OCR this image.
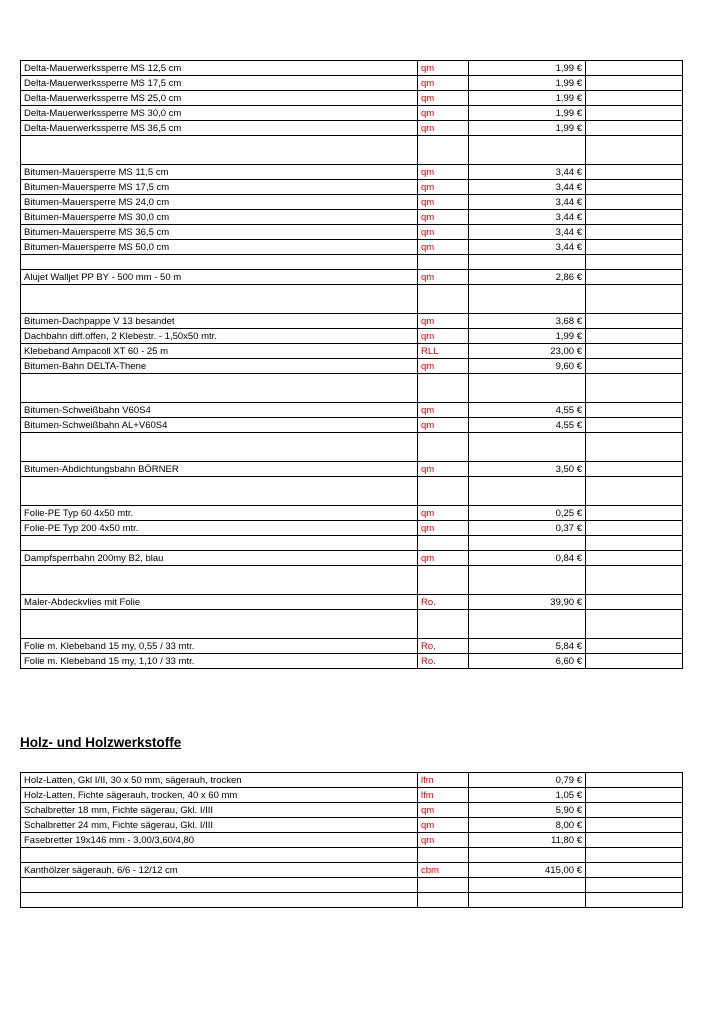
Delta-Mauerwerkssperre MS 12,5 cm	qm	1,99 €	
Delta-Mauerwerkssperre MS 17,5 cm	qm	1,99 €	
Delta-Mauerwerkssperre MS 25,0 cm	qm	1,99 €	
Delta-Mauerwerkssperre MS 30,0 cm	qm	1,99 €	
Delta-Mauerwerkssperre MS 36,5 cm	qm	1,99 €	

Bitumen-Mauersperre MS 11,5 cm	qm	3,44 €	
Bitumen-Mauersperre MS 17,5 cm	qm	3,44 €	
Bitumen-Mauersperre MS 24,0 cm	qm	3,44 €	
Bitumen-Mauersperre MS 30,0 cm	qm	3,44 €	
Bitumen-Mauersperre MS 36,5 cm	qm	3,44 €	
Bitumen-Mauersperre MS 50,0 cm	qm	3,44 €	

Alujet Walljet PP BY - 500 mm - 50 m	qm	2,86 €	

Bitumen-Dachpappe V 13 besandet	qm	3,68 €	
Dachbahn diff.offen, 2 Klebestr. - 1,50x50 mtr.	qm	1,99 €	
Klebeband Ampacoll XT 60 - 25 m	RLL	23,00 €	
Bitumen-Bahn DELTA-Thene	qm	9,60 €	

Bitumen-Schweißbahn V60S4	qm	4,55 €	
Bitumen-Schweißbahn AL+V60S4	qm	4,55 €	

Bitumen-Abdichtungsbahn BÖRNER	qm	3,50 €	

Folie-PE Typ 60 4x50 mtr.	qm	0,25 €	
Folie-PE Typ 200 4x50 mtr.	qm	0,37 €	

Dampfsperrbahn 200my B2, blau	qm	0,84 €	

Maler-Abdeckvlies mit Folie	Ro.	39,90 €	

Folie m. Klebeband 15 my, 0,55 / 33 mtr.	Ro.	5,84 €	
Folie m. Klebeband 15 my, 1,10 / 33 mtr.	Ro.	6,60 €	
Holz- und Holzwerkstoffe
Holz-Latten, Gkl I/II, 30 x 50 mm, sägerauh, trocken	lfm	0,79 €	
Holz-Latten, Fichte sägerauh, trocken, 40 x 60 mm	lfm	1,05 €	
Schalbretter 18 mm, Fichte sägerau, Gkl. I/III	qm	5,90 €	
Schalbretter 24 mm, Fichte sägerau, Gkl. I/III	qm	8,00 €	
Fasebretter 19x146 mm - 3,00/3,60/4,80	qm	11,80 €	

Kanthölzer sägerauh, 6/6 - 12/12 cm	cbm	415,00 €	
